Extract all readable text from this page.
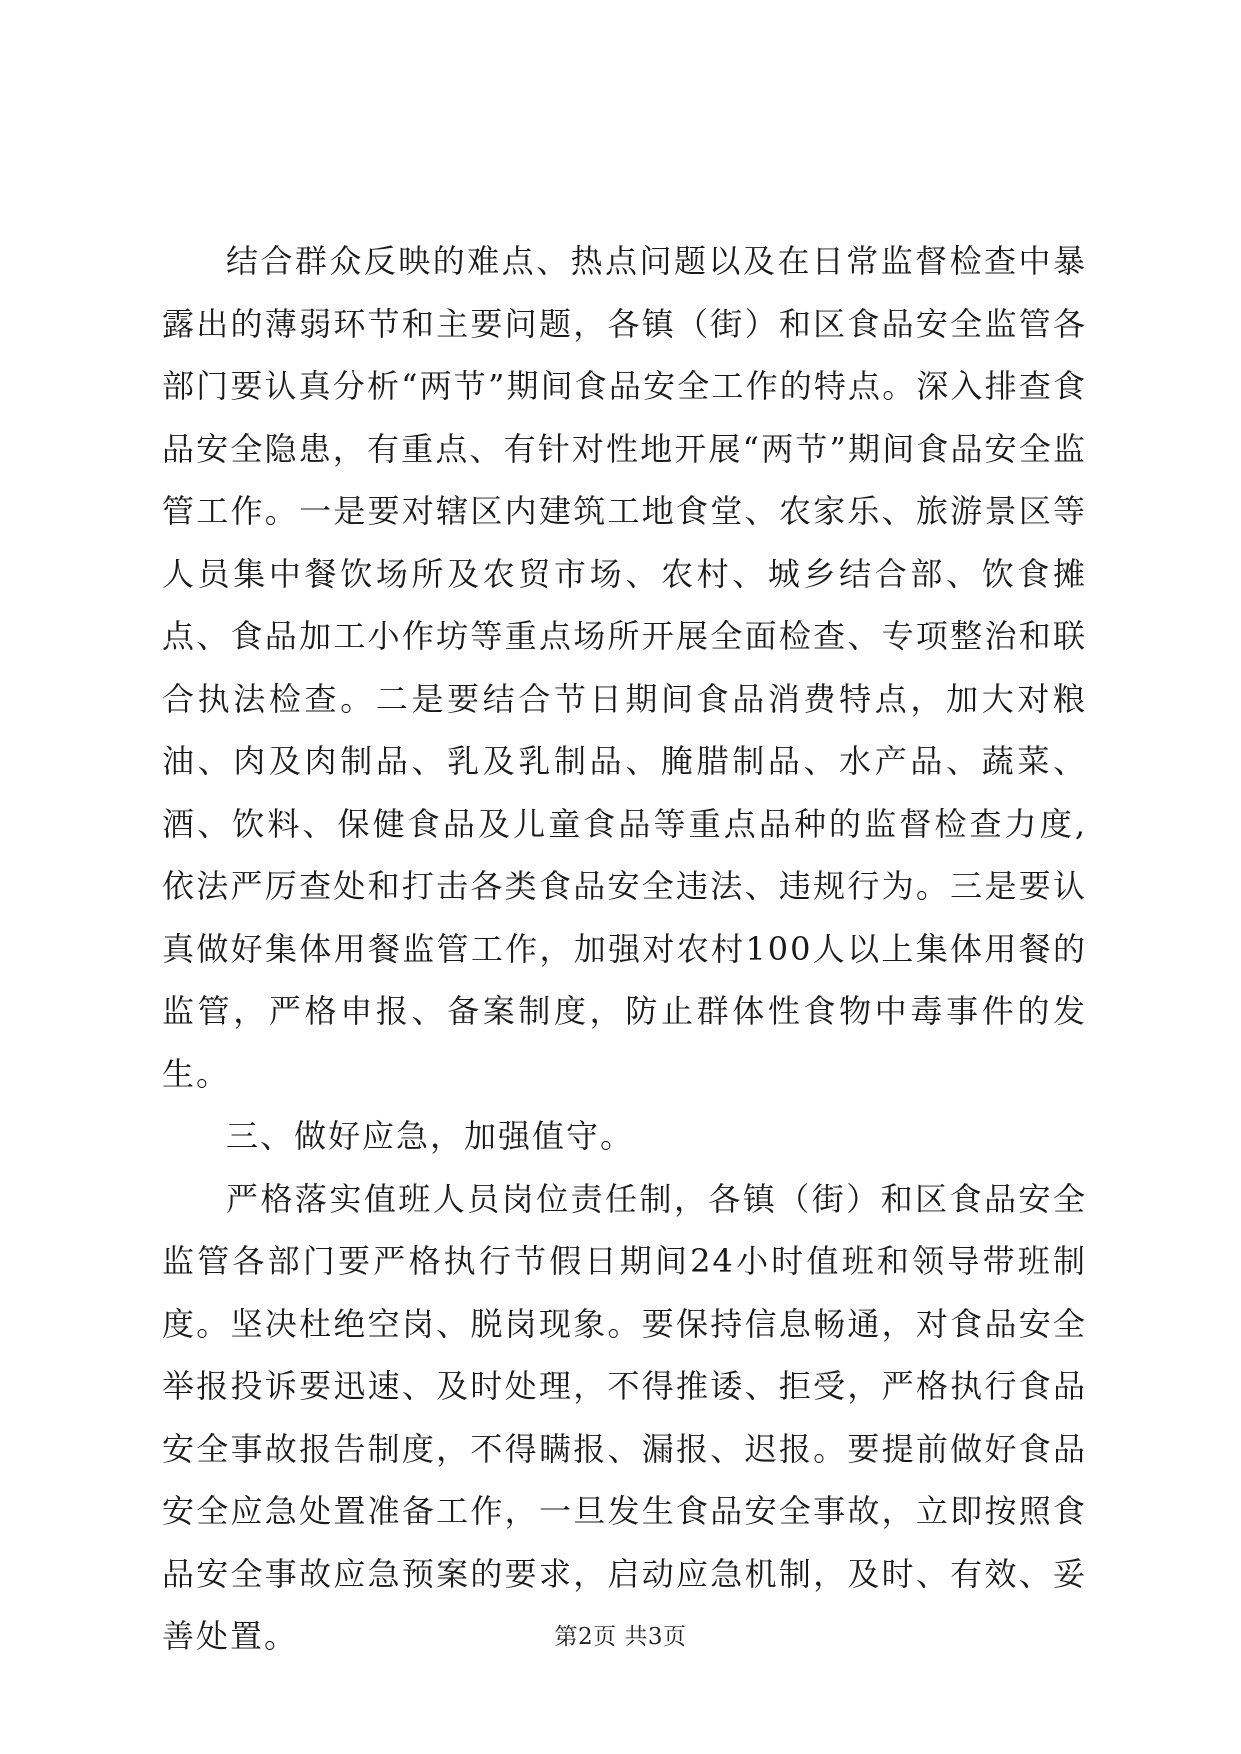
结合群众反映的难点、热点问题以及在日常监督检查中暴露出的薄弱环节和主要问题，各镇（街）和区食品安全监管各部门要认真分析“两节”期间食品安全工作的特点。深入排查食品安全隐患，有重点、有针对性地开展“两节”期间食品安全监管工作。一是要对辖区内建筑工地食堂、农家乐、旅游景区等人员集中餐饮场所及农贸市场、农村、城乡结合部、饮食摊点、食品加工小作坊等重点场所开展全面检查、专项整治和联合执法检查。二是要结合节日期间食品消费特点，加大对粮油、肉及肉制品、乳及乳制品、腌腊制品、水产品、蔬菜、酒、饮料、保健食品及儿童食品等重点品种的监督检查力度,依法严厉查处和打击各类食品安全违法、违规行为。三是要认真做好集体用餐监管工作，加强对农村100人以上集体用餐的监管，严格申报、备案制度，防止群体性食物中毒事件的发生。

三、做好应急，加强值守。

严格落实值班人员岗位责任制，各镇（街）和区食品安全监管各部门要严格执行节假日期间24小时值班和领导带班制度。坚决杜绝空岗、脱岗现象。要保持信息畅通，对食品安全举报投诉要迅速、及时处理，不得推诿、拒受，严格执行食品安全事故报告制度，不得瞒报、漏报、迟报。要提前做好食品安全应急处置准备工作，一旦发生食品安全事故，立即按照食品安全事故应急预案的要求，启动应急机制，及时、有效、妥善处置。	第2页 共3页
